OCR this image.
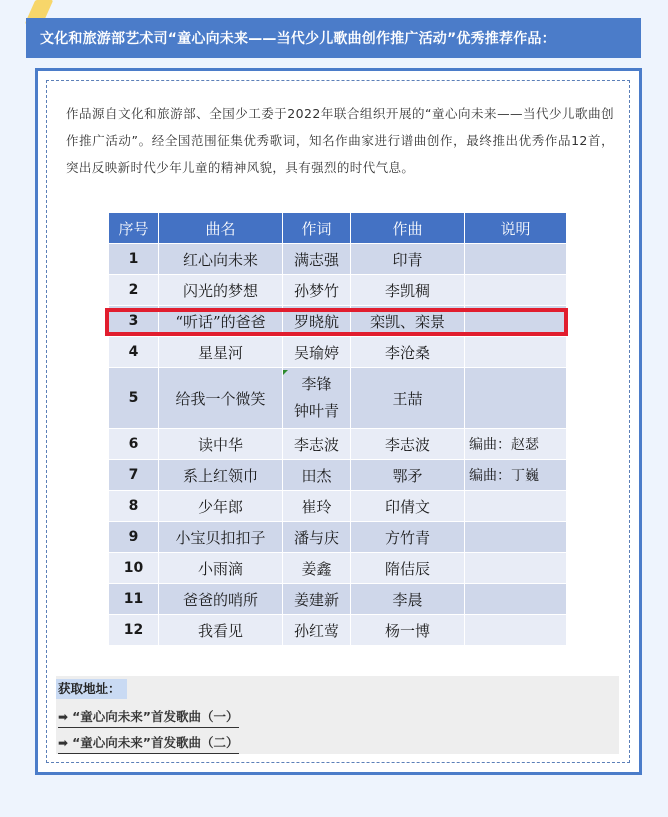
文化和旅游部艺术司“童心向未来——当代少儿歌曲创作推广活动”优秀推荐作品：
作品源自文化和旅游部、全国少工委于2022年联合组织开展的“童心向未来——当代少儿歌曲创作推广活动”。经全国范围征集优秀歌词，知名作曲家进行谱曲创作，最终推出优秀作品12首，突出反映新时代少年儿童的精神风貌，具有强烈的时代气息。
序号	曲名	作词	作曲	说明
1	红心向未来	满志强	印青	
2	闪光的梦想	孙梦竹	李凯稠	
3	“听话”的爸爸	罗晓航	栾凯、栾景	
4	星星河	吴瑜婷	李沧桑	
5	给我一个微笑	李锋
钟叶青	王喆	
6	读中华	李志波	李志波	编曲：赵瑟
7	系上红领巾	田杰	鄂矛	编曲：丁巍
8	少年郎	崔玲	印倩文	
9	小宝贝扣扣子	潘与庆	方竹青	
10	小雨滴	姜鑫	隋佶辰	
11	爸爸的哨所	姜建新	李晨	
12	我看见	孙红莺	杨一博	
获取地址：
➡ “童心向未来”首发歌曲（一）
➡ “童心向未来”首发歌曲（二）
